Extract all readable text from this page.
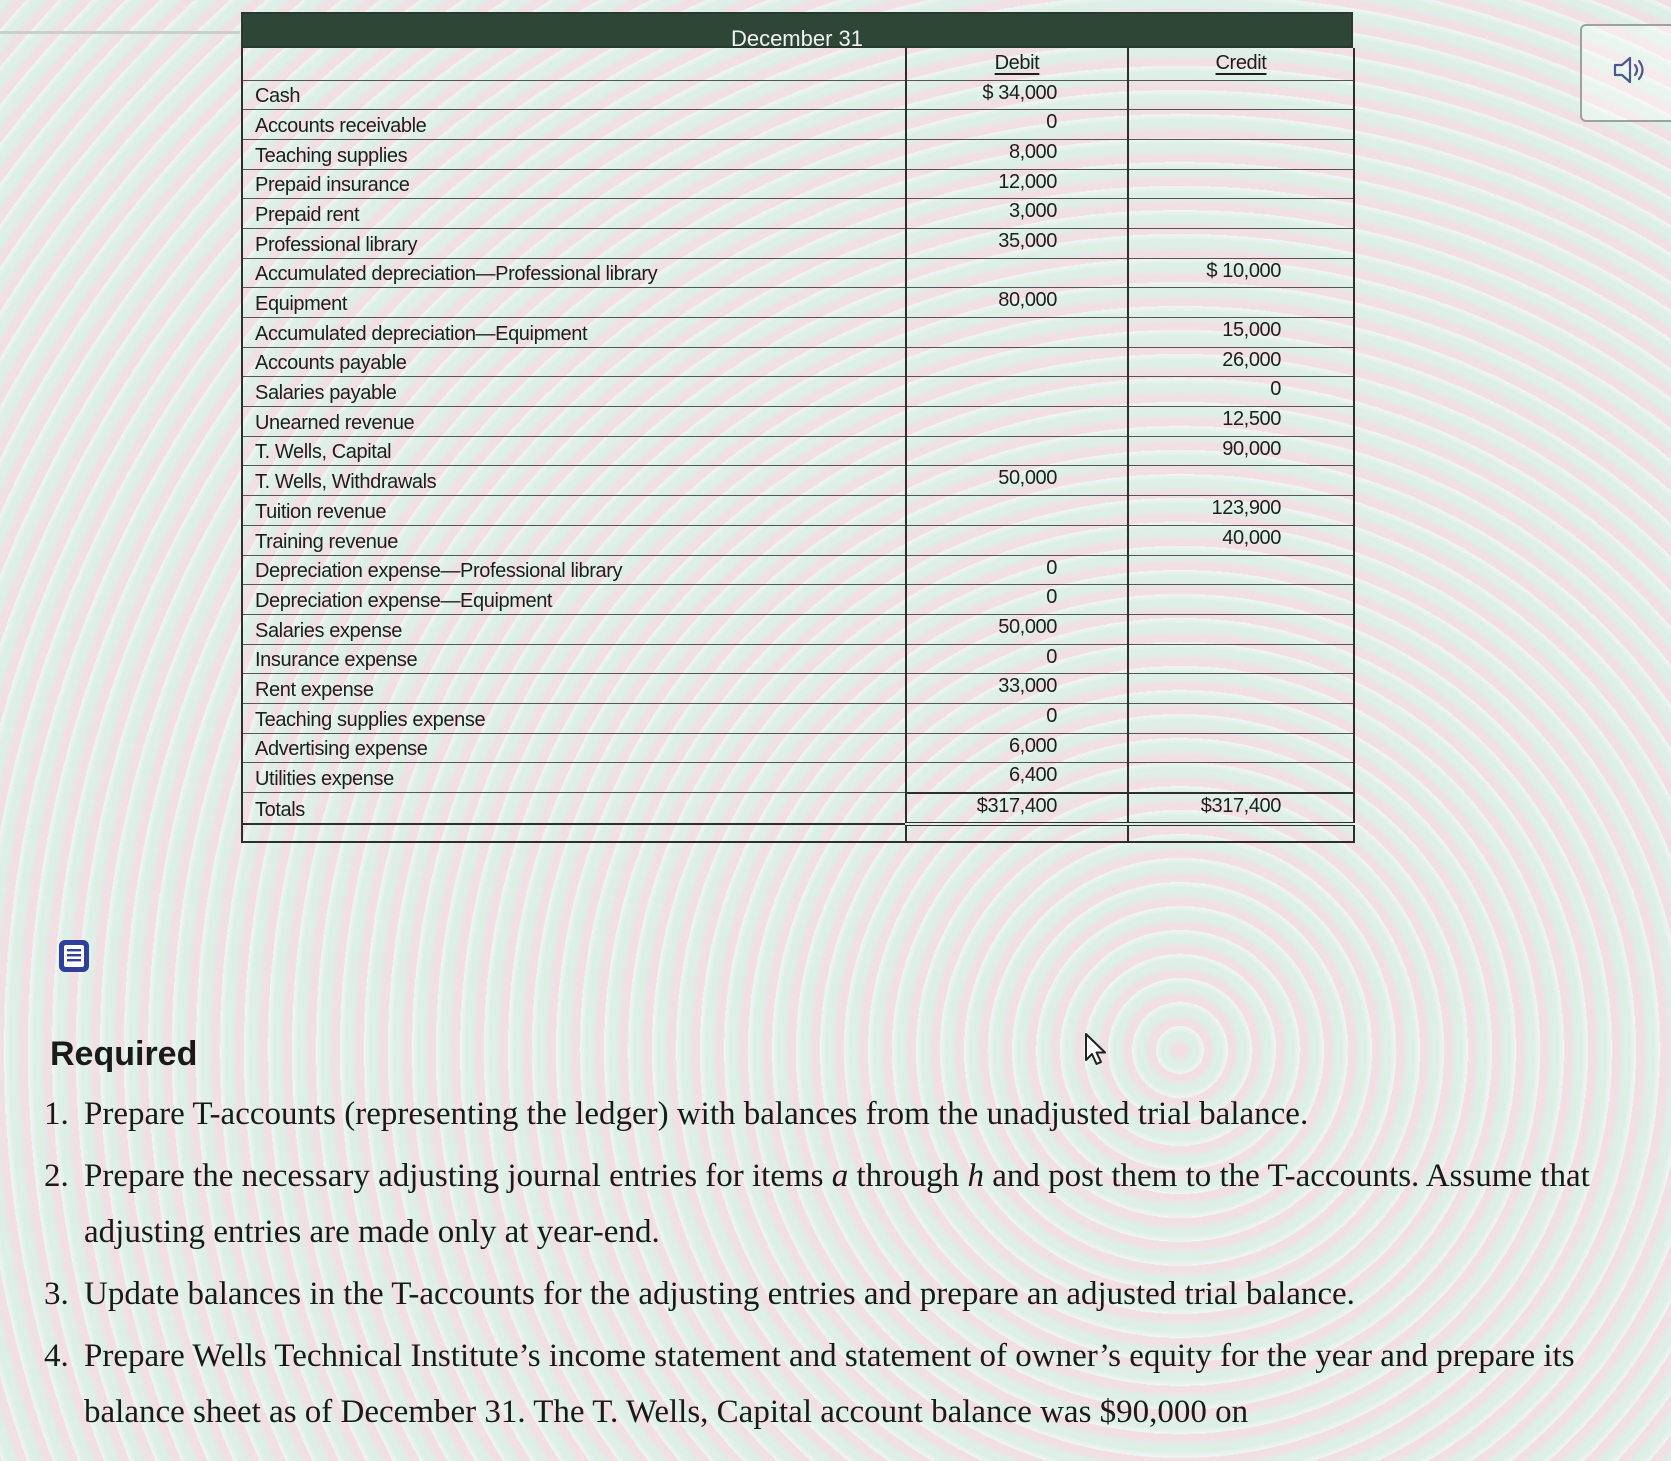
December 31
	Debit	Credit
Cash	$ 34,000	
Accounts receivable	0	
Teaching supplies	8,000	
Prepaid insurance	12,000	
Prepaid rent	3,000	
Professional library	35,000	
Accumulated depreciation—Professional library		$ 10,000
Equipment	80,000	
Accumulated depreciation—Equipment		15,000
Accounts payable		26,000
Salaries payable		0
Unearned revenue		12,500
T. Wells, Capital		90,000
T. Wells, Withdrawals	50,000	
Tuition revenue		123,900
Training revenue		40,000
Depreciation expense—Professional library	0	
Depreciation expense—Equipment	0	
Salaries expense	50,000	
Insurance expense	0	
Rent expense	33,000	
Teaching supplies expense	0	
Advertising expense	6,000	
Utilities expense	6,400	
Totals	$317,400	$317,400

Required
1. Prepare T-accounts (representing the ledger) with balances from the unadjusted trial balance.
2. Prepare the necessary adjusting journal entries for items a through h and post them to the T-accounts. Assume that adjusting entries are made only at year-end.
3. Update balances in the T-accounts for the adjusting entries and prepare an adjusted trial balance.
4. Prepare Wells Technical Institute’s income statement and statement of owner’s equity for the year and prepare its balance sheet as of December 31. The T. Wells, Capital account balance was $90,000 on
